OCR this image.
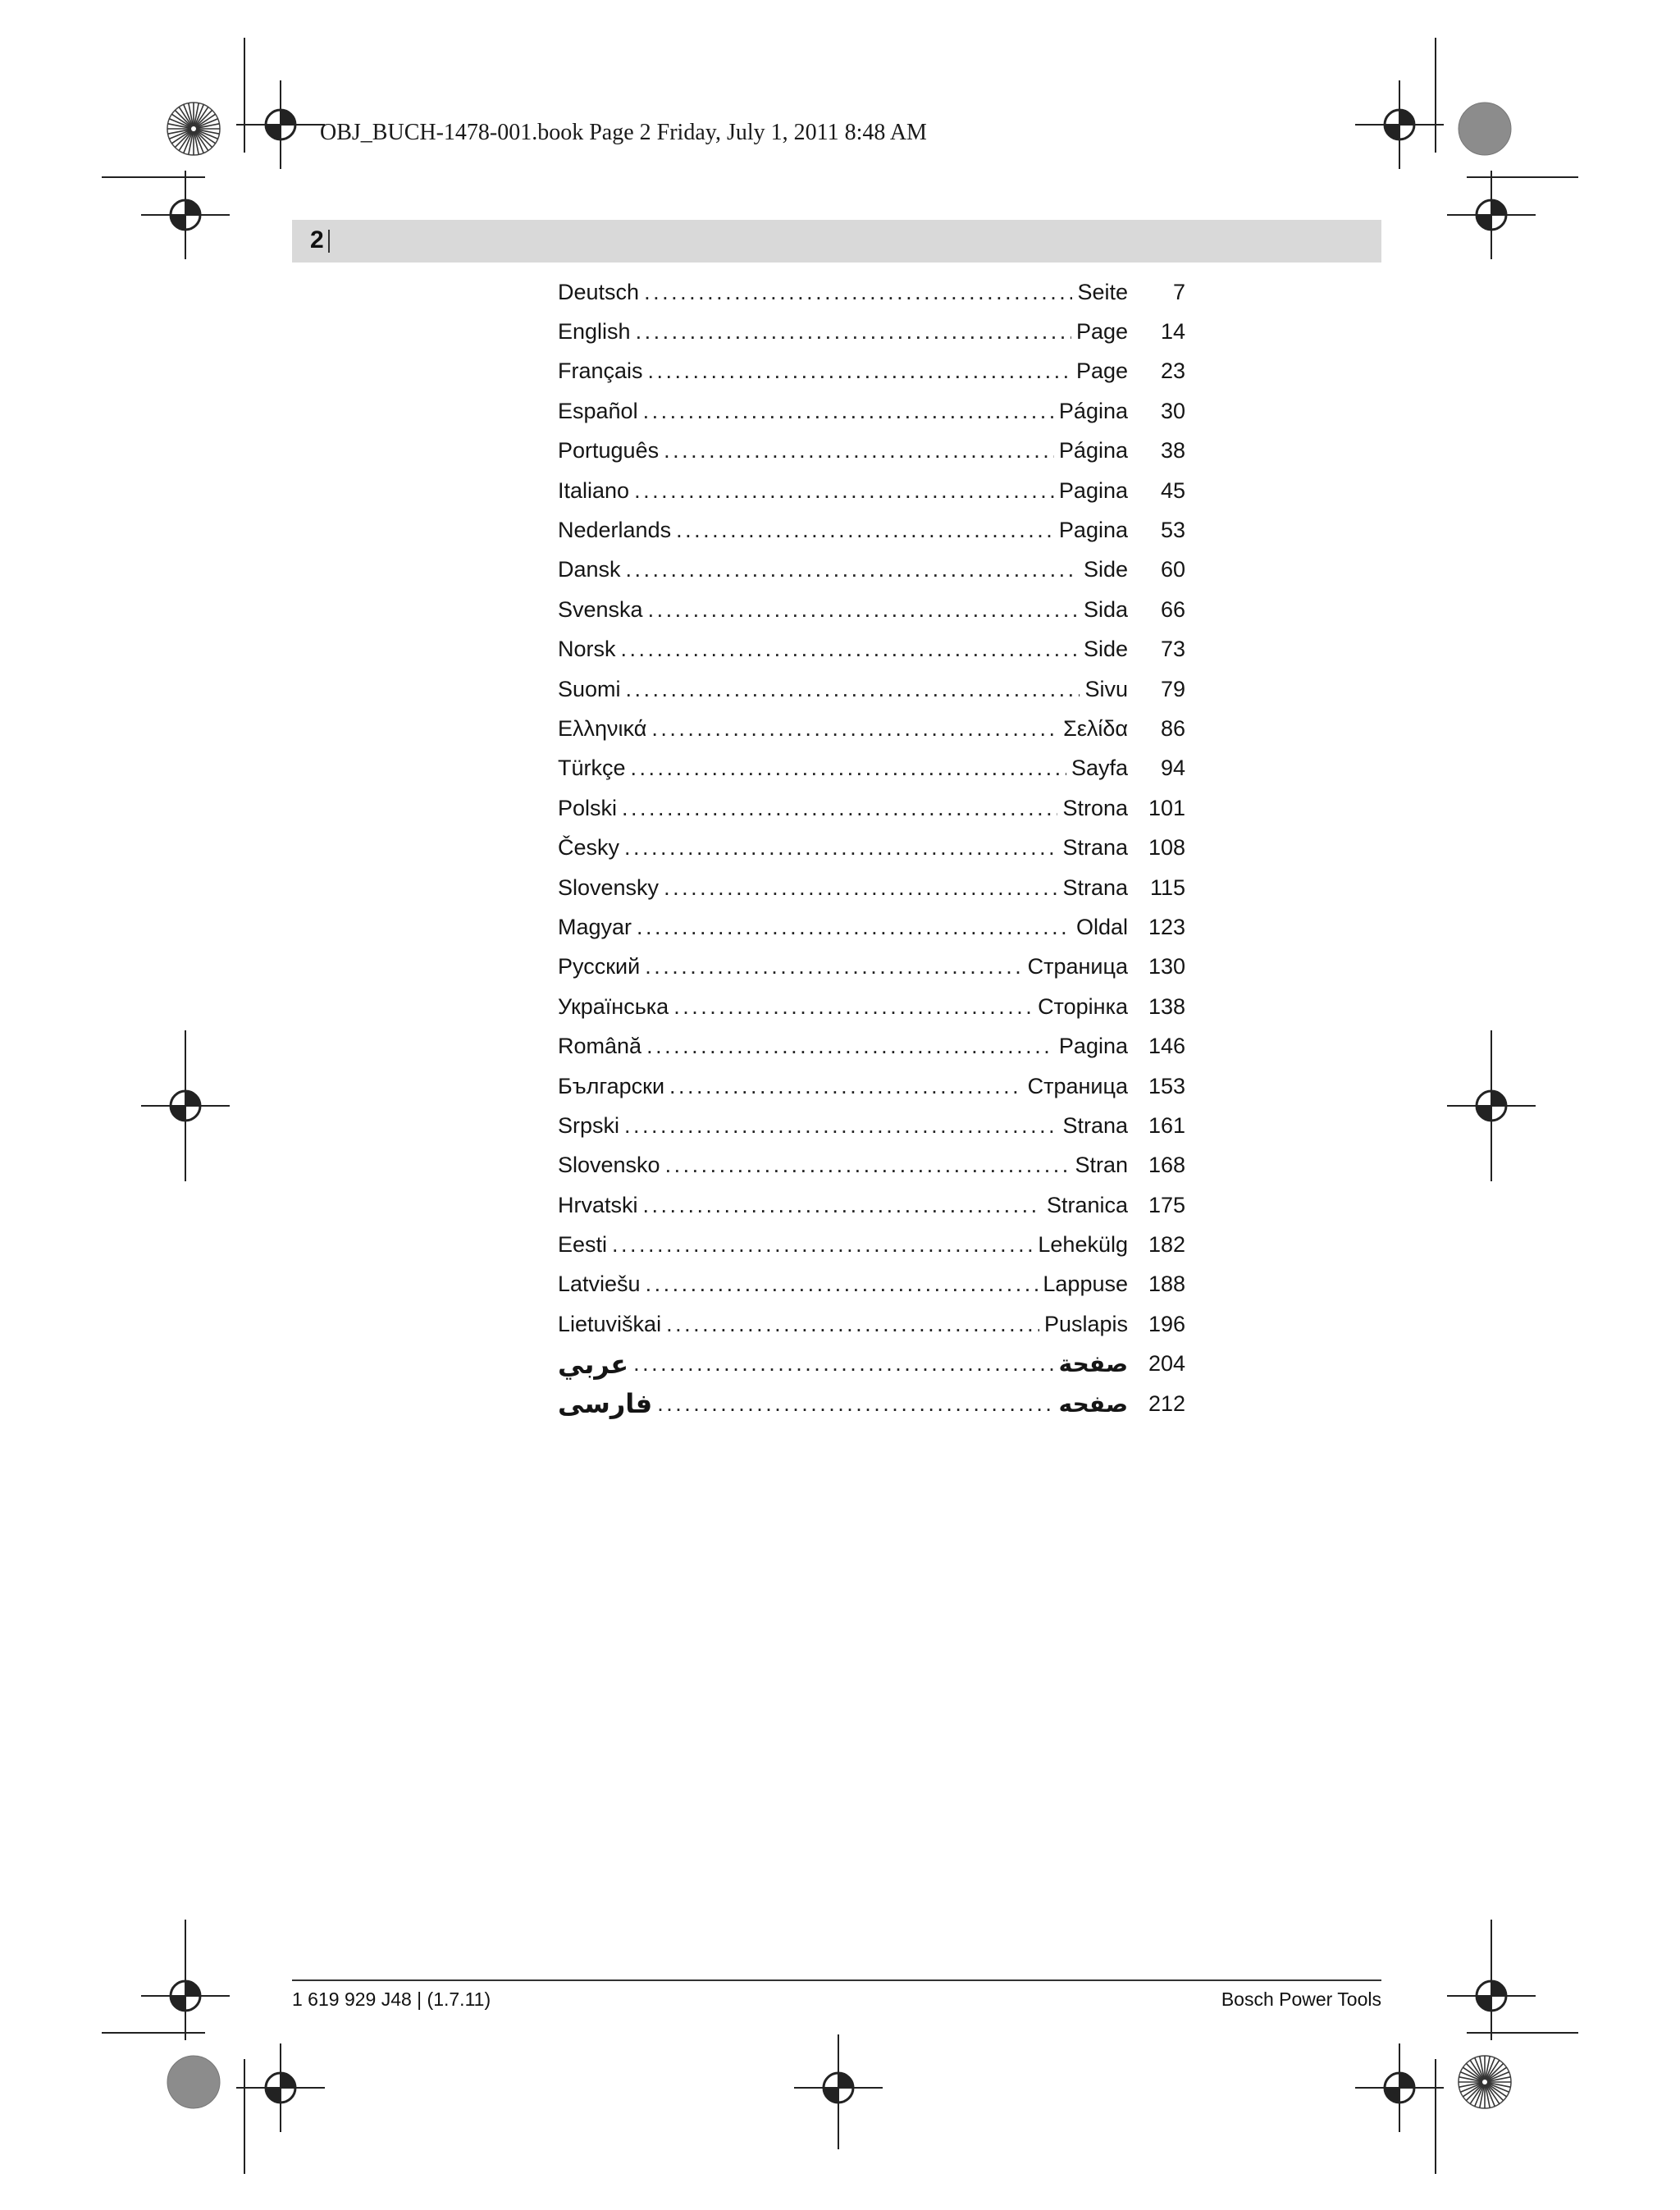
OBJ_BUCH-1478-001.book Page 2 Friday, July 1, 2011 8:48 AM
2
Deutsch . . .	Seite	7
English . . .	Page	14
Français . . .	Page	23
Español . . .	Página	30
Português . . .	Página	38
Italiano . . .	Pagina	45
Nederlands . . .	Pagina	53
Dansk . . .	Side	60
Svenska . . .	Sida	66
Norsk . . .	Side	73
Suomi . . .	Sivu	79
Ελληνικά . . .	Σελίδα	86
Türkçe . . .	Sayfa	94
Polski . . .	Strona 101
Česky . . .	Strana 108
Slovensky . . .	Strana 115
Magyar . . .	Oldal 123
Русский . . .	Страница 130
Українська . . .	Сторінка 138
Română . . .	Pagina 146
Български . . .	Страница 153
Srpski . . .	Strana 161
Slovensko . . .	Stran 168
Hrvatski . . .	Stranica 175
Eesti . . .	Lehekülg 182
Latviešu . . .	Lappuse 188
Lietuviškai . . .	Puslapis 196
عربي . . .	صفحة 204
فارسی . . .	صفحه 212
1 619 929 J48 | (1.7.11)	Bosch Power Tools
